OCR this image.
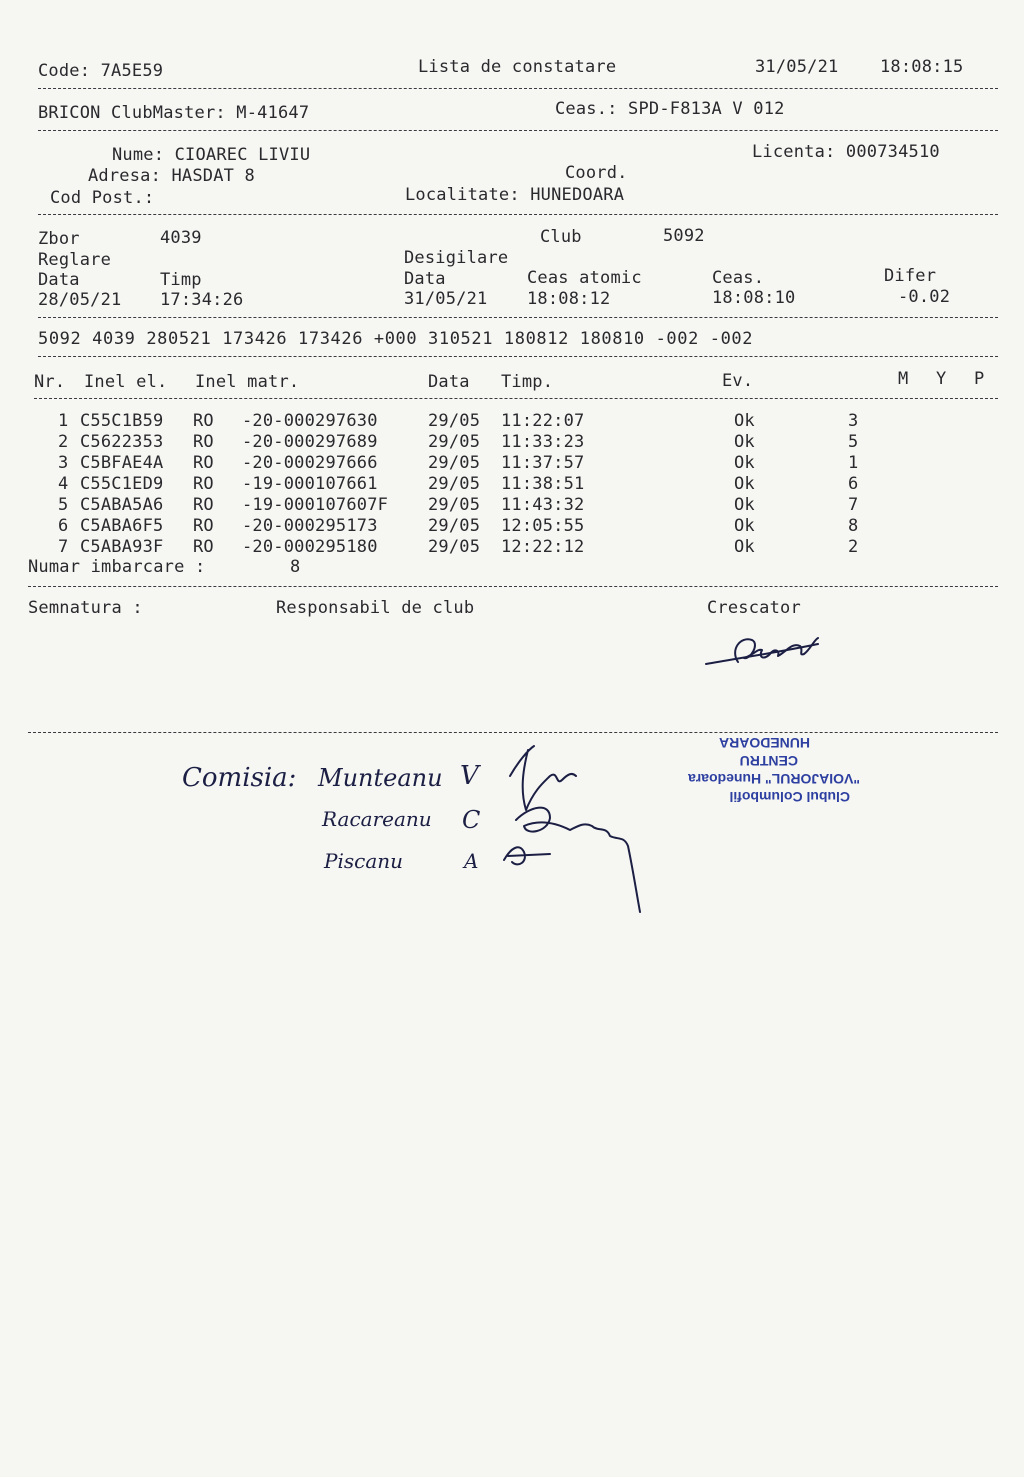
Code: 7A5E59	Lista de constatare	31/05/21 18:08:15
BRICON ClubMaster: M-41647	Ceas.: SPD-F813A V 012
Nume: CIOAREC LIVIU	Licenta: 000734510
Adresa: HASDAT 8	Coord.
Cod Post.:	Localitate: HUNEDOARA
Zbor	4039	Club	5092
Reglare	Desigilare
Data	Timp	Data	Ceas atomic	Ceas.	Difer
28/05/21 17:34:26	31/05/21 18:08:12	18:08:10	-0.02
5092 4039 280521 173426 173426 +000 310521 180812 180810 -002 -002
Nr. Inel el. Inel matr.	Data Timp.	Ev.	M Y P
1 C55C1B59 RO -20-000297630	29/05 11:22:07	Ok	3
2 C5622353 RO -20-000297689	29/05 11:33:23	Ok	5
3 C5BFAE4A RO -20-000297666	29/05 11:37:57	Ok	1
4 C55C1ED9 RO -19-000107661	29/05 11:38:51	Ok	6
5 C5ABA5A6 RO -19-000107607F 29/05 11:43:32	Ok	7
6 C5ABA6F5 RO -20-000295173	29/05 12:05:55	Ok	8
7 C5ABA93F RO -20-000295180	29/05 12:22:12	Ok	2
Numar imbarcare :	8
Semnatura :	Responsabil de club	Crescator
Comisia: Munteanu V
Racareanu C
Piscanu	A
Clubul Columbofil
"VOIAJORUL" Hunedoara
CENTRU
HUNEDOARA
